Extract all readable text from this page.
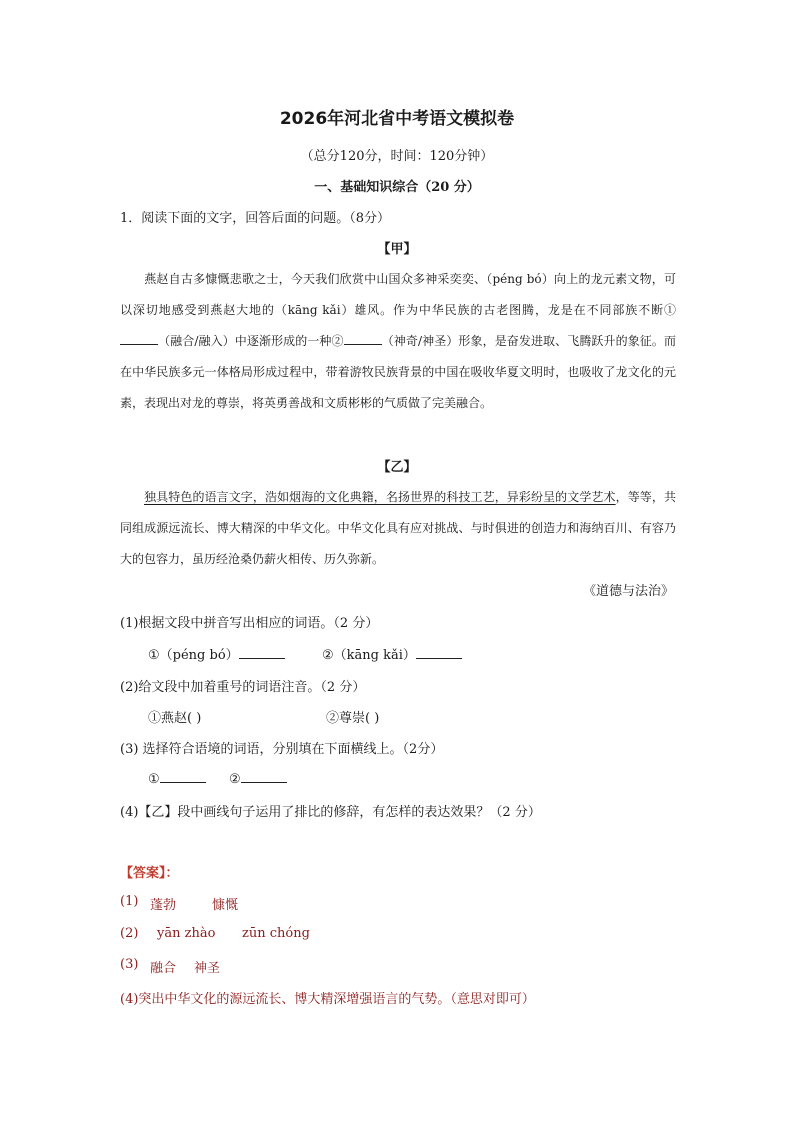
2026年河北省中考语文模拟卷
（总分120分，时间：120分钟）
一、基础知识综合（20 分）
1．阅读下面的文字，回答后面的问题。（8分）
【甲】
燕赵自古多慷慨悲歌之士，今天我们欣赏中山国众多神采奕奕、（péng bó）向上的龙元素文物，可以深切地感受到燕赵大地的（kāng kǎi）雄风。作为中华民族的古老图腾，龙是在不同部族不断①（融合/融入）中逐渐形成的一种②	（神奇/神圣）形象，是奋发进取、飞腾跃升的象征。而在中华民族多元一体格局形成过程中，带着游牧民族背景的中国在吸收华夏文明时，也吸收了龙文化的元素，表现出对龙的尊崇，将英勇善战和文质彬彬的气质做了完美融合。
【乙】
独具特色的语言文字，浩如烟海的文化典籍，名扬世界的科技工艺，异彩纷呈的文学艺术，等等，共同组成源远流长、博大精深的中华文化。中华文化具有应对挑战、与时俱进的创造力和海纳百川、有容乃大的包容力，虽历经沧桑仍薪火相传、历久弥新。
《道德与法治》
(1)根据文段中拼音写出相应的词语。（2 分）
①（péng bó）	②（kāng kǎi）
(2)给文段中加着重号的词语注音。（2 分）
①燕赵( )	②尊崇( )
(3) 选择符合语境的词语，分别填在下面横线上。（2分）
①	②
(4)【乙】段中画线句子运用了排比的修辞，有怎样的表达效果？（2 分）
【答案】：
(1) 蓬勃	慷慨
(2) yān zhào zūn chóng
(3) 融合 神圣
(4)突出中华文化的源远流长、博大精深增强语言的气势。（意思对即可）
